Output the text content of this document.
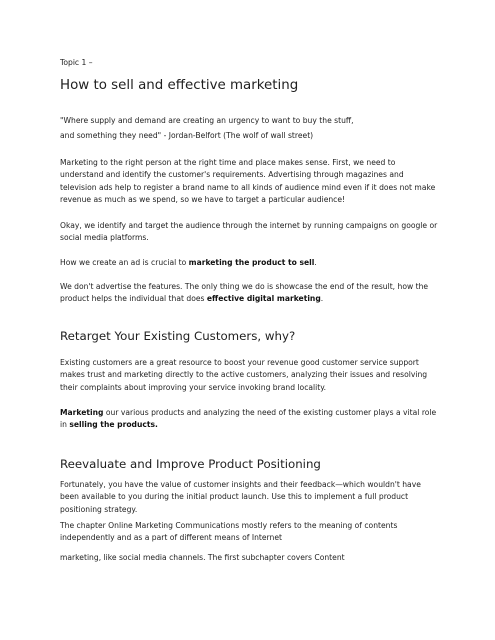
Topic 1 –

How to sell and effective marketing

"Where supply and demand are creating an urgency to want to buy the stuff,

and something they need" - Jordan-Belfort (The wolf of wall street)

Marketing to the right person at the right time and place makes sense. First, we need to understand and identify the customer's requirements. Advertising through magazines and television ads help to register a brand name to all kinds of audience mind even if it does not make revenue as much as we spend, so we have to target a particular audience!

Okay, we identify and target the audience through the internet by running campaigns on google or social media platforms.

How we create an ad is crucial to marketing the product to sell.

We don't advertise the features. The only thing we do is showcase the end of the result, how the product helps the individual that does effective digital marketing.

Retarget Your Existing Customers, why?

Existing customers are a great resource to boost your revenue good customer service support makes trust and marketing directly to the active customers, analyzing their issues and resolving their complaints about improving your service invoking brand locality.

Marketing our various products and analyzing the need of the existing customer plays a vital role in selling the products.

Reevaluate and Improve Product Positioning

Fortunately, you have the value of customer insights and their feedback—which wouldn't have been available to you during the initial product launch. Use this to implement a full product positioning strategy.

The chapter Online Marketing Communications mostly refers to the meaning of contents independently and as a part of different means of Internet

marketing, like social media channels. The first subchapter covers Content
